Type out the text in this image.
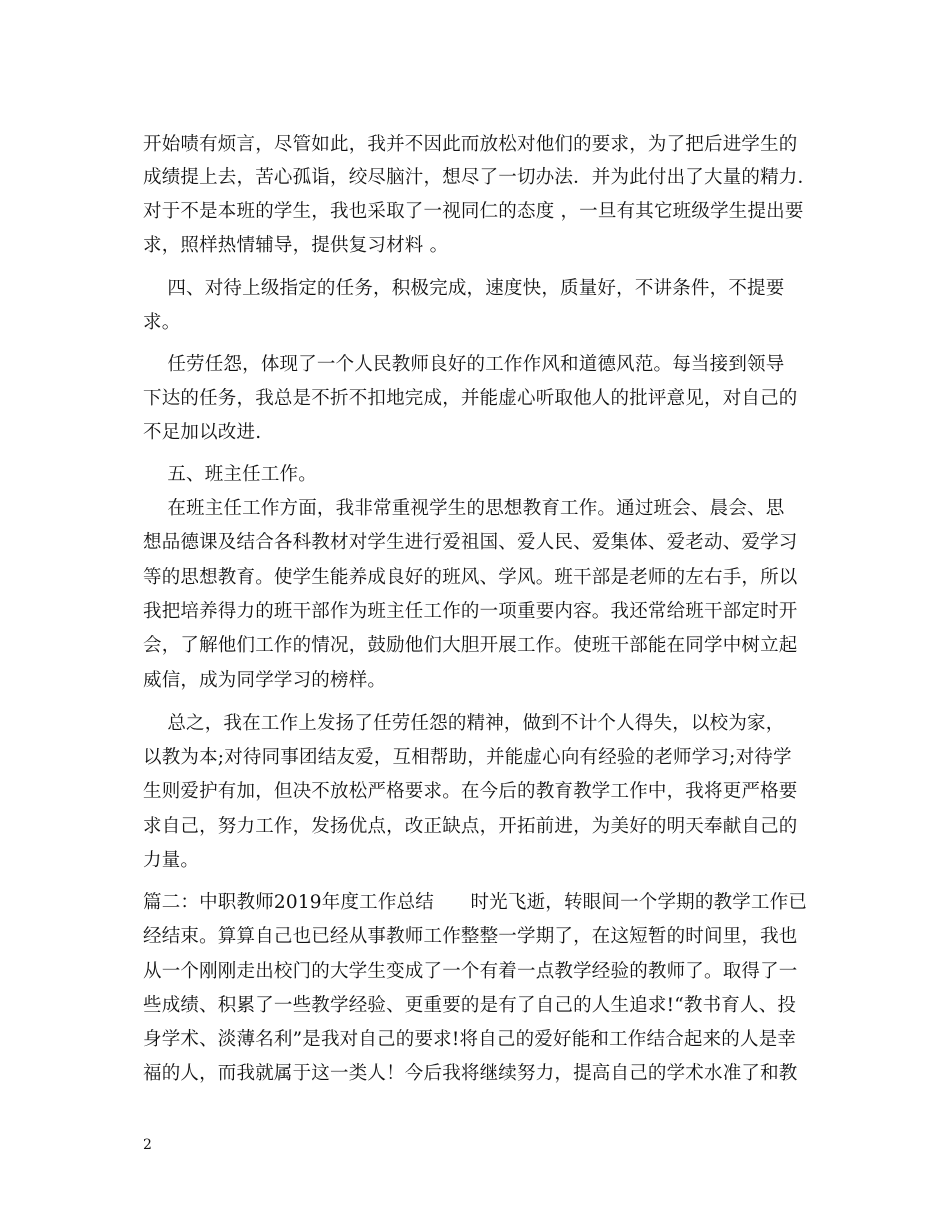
开始啧有烦言，尽管如此，我并不因此而放松对他们的要求，为了把后进学生的
成绩提上去，苦心孤诣，绞尽脑汁，想尽了一切办法．并为此付出了大量的精力．
对于不是本班的学生，我也采取了一视同仁的态度 ，一旦有其它班级学生提出要
求，照样热情辅导，提供复习材料 。
四、对待上级指定的任务，积极完成，速度快，质量好，不讲条件，不提要
求。
任劳任怨，体现了一个人民教师良好的工作作风和道德风范。每当接到领导
下达的任务，我总是不折不扣地完成，并能虚心听取他人的批评意见，对自己的
不足加以改进.
五、班主任工作。
在班主任工作方面，我非常重视学生的思想教育工作。通过班会、晨会、思
想品德课及结合各科教材对学生进行爱祖国、爱人民、爱集体、爱老动、爱学习
等的思想教育。使学生能养成良好的班风、学风。班干部是老师的左右手，所以
我把培养得力的班干部作为班主任工作的一项重要内容。我还常给班干部定时开
会，了解他们工作的情况，鼓励他们大胆开展工作。使班干部能在同学中树立起
威信，成为同学学习的榜样。
总之，我在工作上发扬了任劳任怨的精神，做到不计个人得失，以校为家，
以教为本;对待同事团结友爱，互相帮助，并能虚心向有经验的老师学习;对待学
生则爱护有加，但决不放松严格要求。在今后的教育教学工作中，我将更严格要
求自己，努力工作，发扬优点，改正缺点，开拓前进，为美好的明天奉献自己的
力量。
篇二：中职教师2019年度工作总结      时光飞逝，转眼间一个学期的教学工作已
经结束。算算自己也已经从事教师工作整整一学期了，在这短暂的时间里，我也
从一个刚刚走出校门的大学生变成了一个有着一点教学经验的教师了。取得了一
些成绩、积累了一些教学经验、更重要的是有了自己的人生追求!“教书育人、投
身学术、淡薄名利”是我对自己的要求!将自己的爱好能和工作结合起来的人是幸
福的人，而我就属于这一类人！今后我将继续努力，提高自己的学术水准了和教
2
